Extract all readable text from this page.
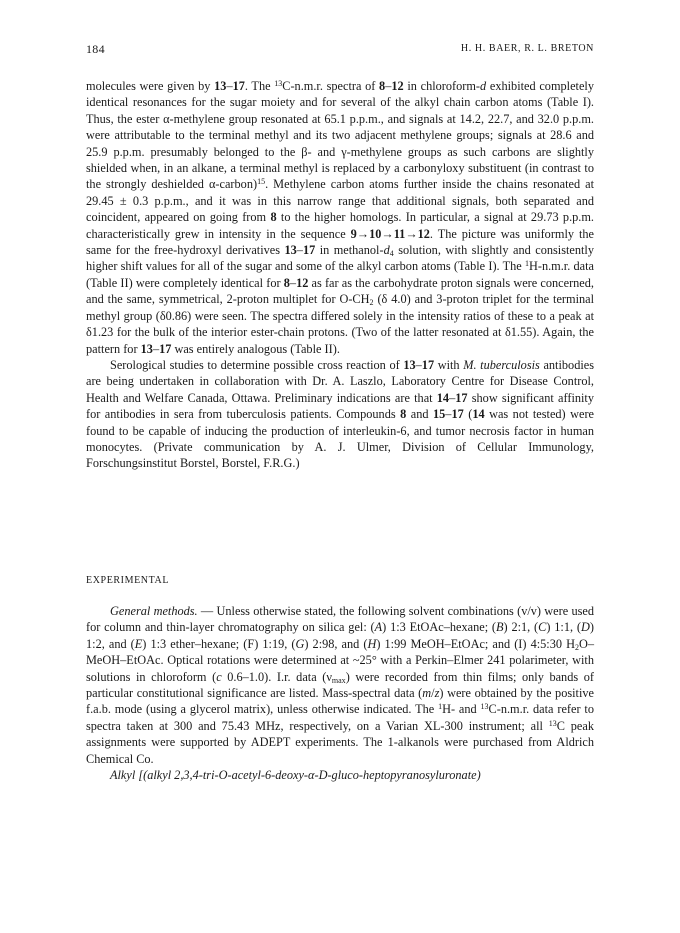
184	H. H. BAER, R. L. BRETON

molecules were given by 13–17. The $^{13}$C-n.m.r. spectra of 8–12 in chloroform-d exhibited completely identical resonances for the sugar moiety and for several of the alkyl chain carbon atoms (Table I). Thus, the ester α-methylene group resonated at 65.1 p.p.m., and signals at 14.2, 22.7, and 32.0 p.p.m. were attributable to the terminal methyl and its two adjacent methylene groups; signals at 28.6 and 25.9 p.p.m. presumably belonged to the β- and γ-methylene groups as such carbons are slightly shielded when, in an alkane, a terminal methyl is replaced by a carbonyloxy substituent (in contrast to the strongly deshielded α-carbon)$^{15}$. Methylene carbon atoms further inside the chains resonated at 29.45 ± 0.3 p.p.m., and it was in this narrow range that additional signals, both separated and coincident, appeared on going from 8 to the higher homologs. In particular, a signal at 29.73 p.p.m. characteristically grew in intensity in the sequence 9→10→11→12. The picture was uniformly the same for the free-hydroxyl derivatives 13–17 in methanol-$d_4$ solution, with slightly and consistently higher shift values for all of the sugar and some of the alkyl carbon atoms (Table I). The $^1$H-n.m.r. data (Table II) were completely identical for 8–12 as far as the carbohydrate proton signals were concerned, and the same, symmetrical, 2-proton multiplet for $O-CH_2$ (δ 4.0) and 3-proton triplet for the terminal methyl group (δ0.86) were seen. The spectra differed solely in the intensity ratios of these to a peak at δ1.23 for the bulk of the interior ester-chain protons. (Two of the latter resonated at δ1.55). Again, the pattern for 13–17 was entirely analogous (Table II).

Serological studies to determine possible cross reaction of 13–17 with M. tuberculosis antibodies are being undertaken in collaboration with Dr. A. Laszlo, Laboratory Centre for Disease Control, Health and Welfare Canada, Ottawa. Preliminary indications are that 14–17 show significant affinity for antibodies in sera from tuberculosis patients. Compounds 8 and 15–17 (14 was not tested) were found to be capable of inducing the production of interleukin-6, and tumor necrosis factor in human monocytes. (Private communication by A. J. Ulmer, Division of Cellular Immunology, Forschungsinstitut Borstel, Borstel, F.R.G.)

EXPERIMENTAL

General methods. — Unless otherwise stated, the following solvent combinations (v/v) were used for column and thin-layer chromatography on silica gel: (A) 1:3 EtOAc–hexane; (B) 2:1, (C) 1:1, (D) 1:2, and (E) 1:3 ether–hexane; (F) 1:19, (G) 2:98, and (H) 1:99 MeOH–EtOAc; and (I) 4:5:30 $H_2O-MeOH$–EtOAc. Optical rotations were determined at ~25° with a Perkin–Elmer 241 polarimeter, with solutions in chloroform (c 0.6–1.0). I.r. data $(\nu_{max})$ were recorded from thin films; only bands of particular constitutional significance are listed. Mass-spectral data (m/z) were obtained by the positive f.a.b. mode (using a glycerol matrix), unless otherwise indicated. The $^1$H- and $^{13}$C-n.m.r. data refer to spectra taken at 300 and 75.43 MHz, respectively, on a Varian XL-300 instrument; all $^{13}$C peak assignments were supported by ADEPT experiments. The 1-alkanols were purchased from Aldrich Chemical Co.

Alkyl [(alkyl 2,3,4-tri-O-acetyl-6-deoxy-α-D-gluco-heptopyranosyluronate)
